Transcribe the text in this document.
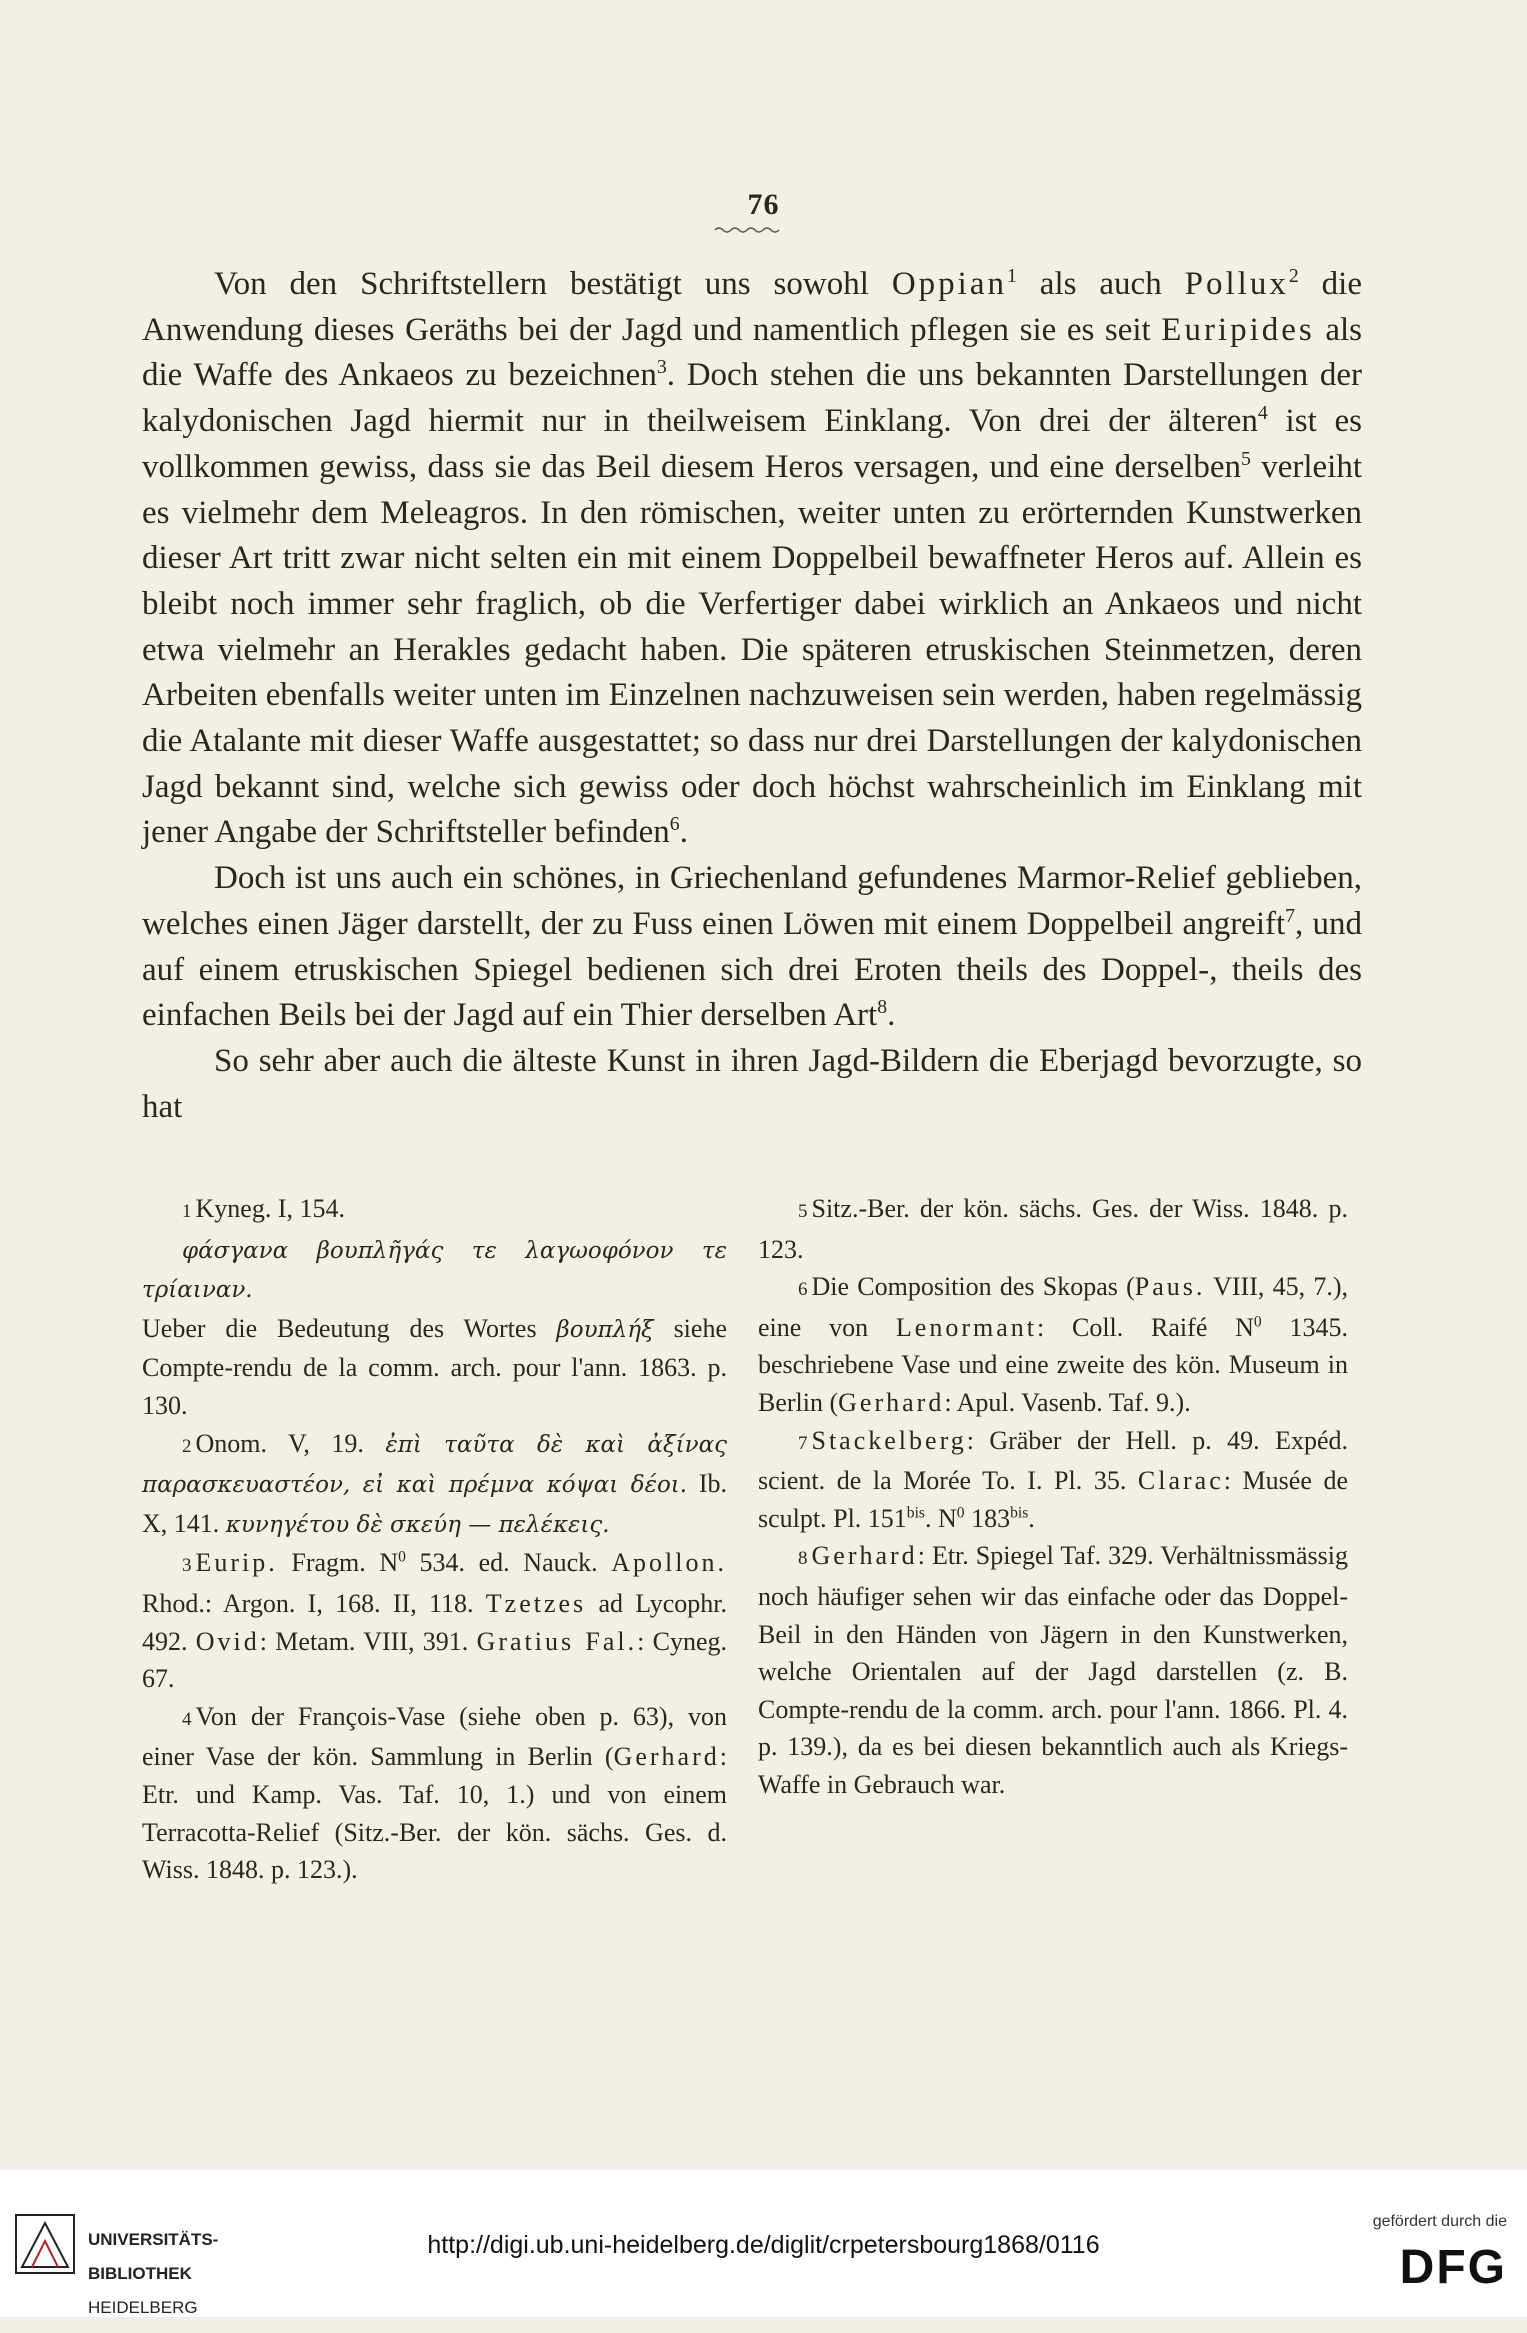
76

Von den Schriftstellern bestätigt uns sowohl Oppian$^1$ als auch Pollux$^2$ die Anwendung dieses Geräths bei der Jagd und namentlich pflegen sie es seit Euripides als die Waffe des Ankaeos zu bezeichnen$^3$. Doch stehen die uns bekannten Darstellungen der kalydonischen Jagd hiermit nur in theilweisem Einklang. Von drei der älteren$^4$ ist es vollkommen gewiss, dass sie das Beil diesem Heros versagen, und eine derselben$^5$ verleiht es vielmehr dem Meleagros. In den römischen, weiter unten zu erörternden Kunstwerken dieser Art tritt zwar nicht selten ein mit einem Doppelbeil bewaffneter Heros auf. Allein es bleibt noch immer sehr fraglich, ob die Verfertiger dabei wirklich an Ankaeos und nicht etwa vielmehr an Herakles gedacht haben. Die späteren etruskischen Steinmetzen, deren Arbeiten ebenfalls weiter unten im Einzelnen nachzuweisen sein werden, haben regelmässig die Atalante mit dieser Waffe ausgestattet; so dass nur drei Darstellungen der kalydonischen Jagd bekannt sind, welche sich gewiss oder doch höchst wahrscheinlich im Einklang mit jener Angabe der Schriftsteller befinden$^6$.

Doch ist uns auch ein schönes, in Griechenland gefundenes Marmor-Relief geblieben, welches einen Jäger darstellt, der zu Fuss einen Löwen mit einem Doppelbeil angreift$^7$, und auf einem etruskischen Spiegel bedienen sich drei Eroten theils des Doppel-, theils des einfachen Beils bei der Jagd auf ein Thier derselben Art$^8$.

So sehr aber auch die älteste Kunst in ihren Jagd-Bildern die Eberjagd bevorzugte, so hat

1 Kyneg. I, 154.

φάσγανα βουπλῆγάς τε λαγωοφόνον τε τρίαιναν.

Ueber die Bedeutung des Wortes βουπλήξ siehe Compte-rendu de la comm. arch. pour l'ann. 1863. p. 130.

2 Onom. V, 19. ἐπὶ ταῦτα δὲ καὶ ἀξίνας παρασκευαστέον, εἰ καὶ πρέμνα κόψαι δέοι. Ib. X, 141. κυνηγέτου δὲ σκεύη — πελέκεις.

3 Eurip. Fragm. $N^0$ 534. ed. Nauck. Apollon. Rhod.: Argon. I, 168. II, 118. Tzetzes ad Lycophr. 492. Ovid: Metam. VIII, 391. Gratius Fal.: Cyneg. 67.

4 Von der François-Vase (siehe oben p. 63), von einer Vase der kön. Sammlung in Berlin (Gerhard: Etr. und Kamp. Vas. Taf. 10, 1.) und von einem Terracotta-Relief (Sitz.-Ber. der kön. sächs. Ges. d. Wiss. 1848. p. 123.).

5 Sitz.-Ber. der kön. sächs. Ges. der Wiss. 1848. p. 123.

6 Die Composition des Skopas (Paus. VIII, 45, 7.), eine von Lenormant: Coll. Raifé $N^0$ 1345. beschriebene Vase und eine zweite des kön. Museum in Berlin (Gerhard: Apul. Vasenb. Taf. 9.).

7 Stackelberg: Gräber der Hell. p. 49. Expéd. scient. de la Morée To. I. Pl. 35. Clarac: Musée de sculpt. Pl. $151^{bis}$. $N^0$ $183^{bis}$.

8 Gerhard: Etr. Spiegel Taf. 329. Verhältnissmässig noch häufiger sehen wir das einfache oder das Doppel-Beil in den Händen von Jägern in den Kunstwerken, welche Orientalen auf der Jagd darstellen (z. B. Compte-rendu de la comm. arch. pour l'ann. 1866. Pl. 4. p. 139.), da es bei diesen bekanntlich auch als Kriegs-Waffe in Gebrauch war.

UNIVERSITÄTS-

BIBLIOTHEK

HEIDELBERG

http://digi.ub.uni-heidelberg.de/diglit/crpetersbourg1868/0116
gefördert durch die
DFG
